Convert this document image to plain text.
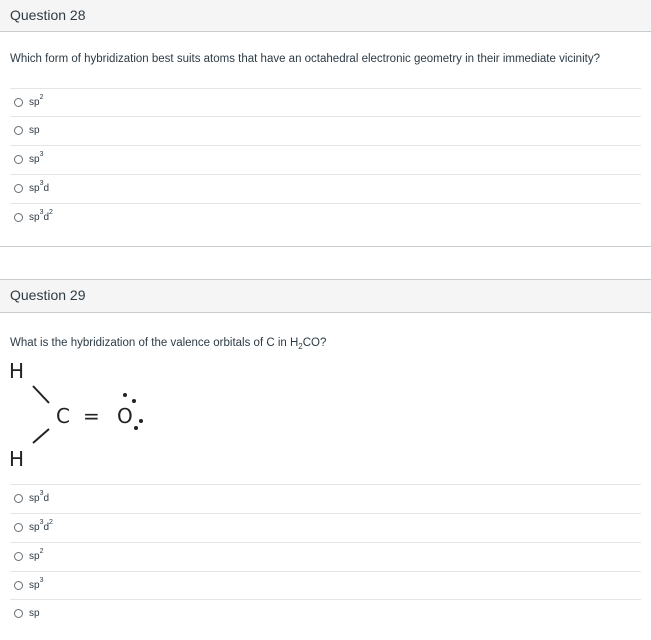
Question 28
Which form of hybridization best suits atoms that have an octahedral electronic geometry in their immediate vicinity?
sp 2
sp
sp 3
sp 3 d
sp 3 d 2
Question 29
What is the hybridization of the valence orbitals of C in $H_2CO$?
H
H
C = O
sp 3 d
sp 3 d 2
sp 2
sp 3
sp
